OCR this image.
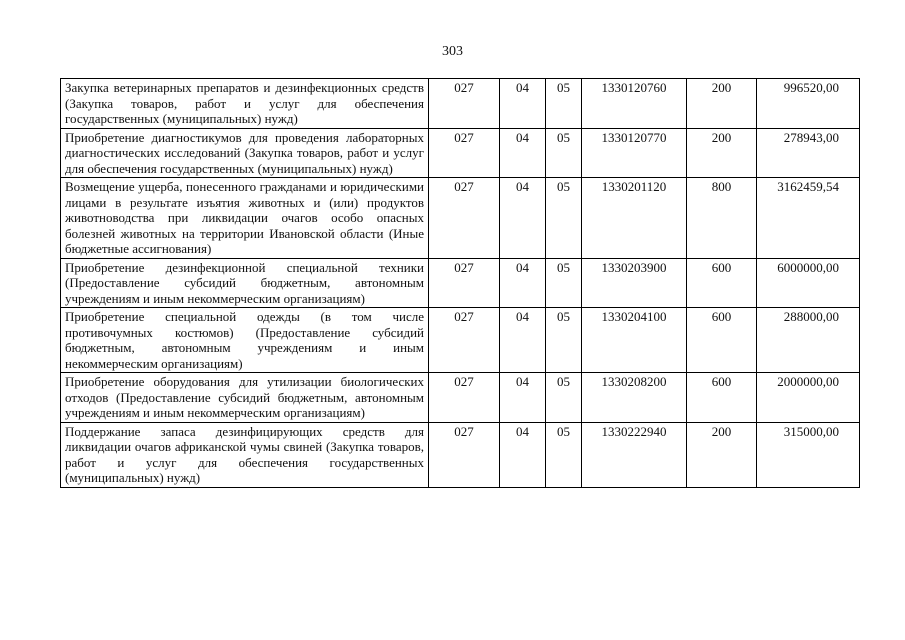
303
Закупка ветеринарных препаратов и дезинфекционных средств (Закупка товаров, работ и услуг для обеспечения государственных (муниципальных) нужд)	027	04	05	1330120760	200	996520,00
Приобретение диагностикумов для проведения лабораторных диагностических исследований (Закупка товаров, работ и услуг для обеспечения государственных (муниципальных) нужд)	027	04	05	1330120770	200	278943,00
Возмещение ущерба, понесенного гражданами и юридическими лицами в результате изъятия животных и (или) продуктов животноводства при ликвидации очагов особо опасных болезней животных на территории Ивановской области (Иные бюджетные ассигнования)	027	04	05	1330201120	800	3162459,54
Приобретение дезинфекционной специальной техники (Предоставление субсидий бюджетным, автономным учреждениям и иным некоммерческим организациям)	027	04	05	1330203900	600	6000000,00
Приобретение специальной одежды (в том числе противочумных костюмов) (Предоставление субсидий бюджетным, автономным учреждениям и иным некоммерческим организациям)	027	04	05	1330204100	600	288000,00
Приобретение оборудования для утилизации биологических отходов (Предоставление субсидий бюджетным, автономным учреждениям и иным некоммерческим организациям)	027	04	05	1330208200	600	2000000,00
Поддержание запаса дезинфицирующих средств для ликвидации очагов африканской чумы свиней (Закупка товаров, работ и услуг для обеспечения государственных (муниципальных) нужд)	027	04	05	1330222940	200	315000,00
